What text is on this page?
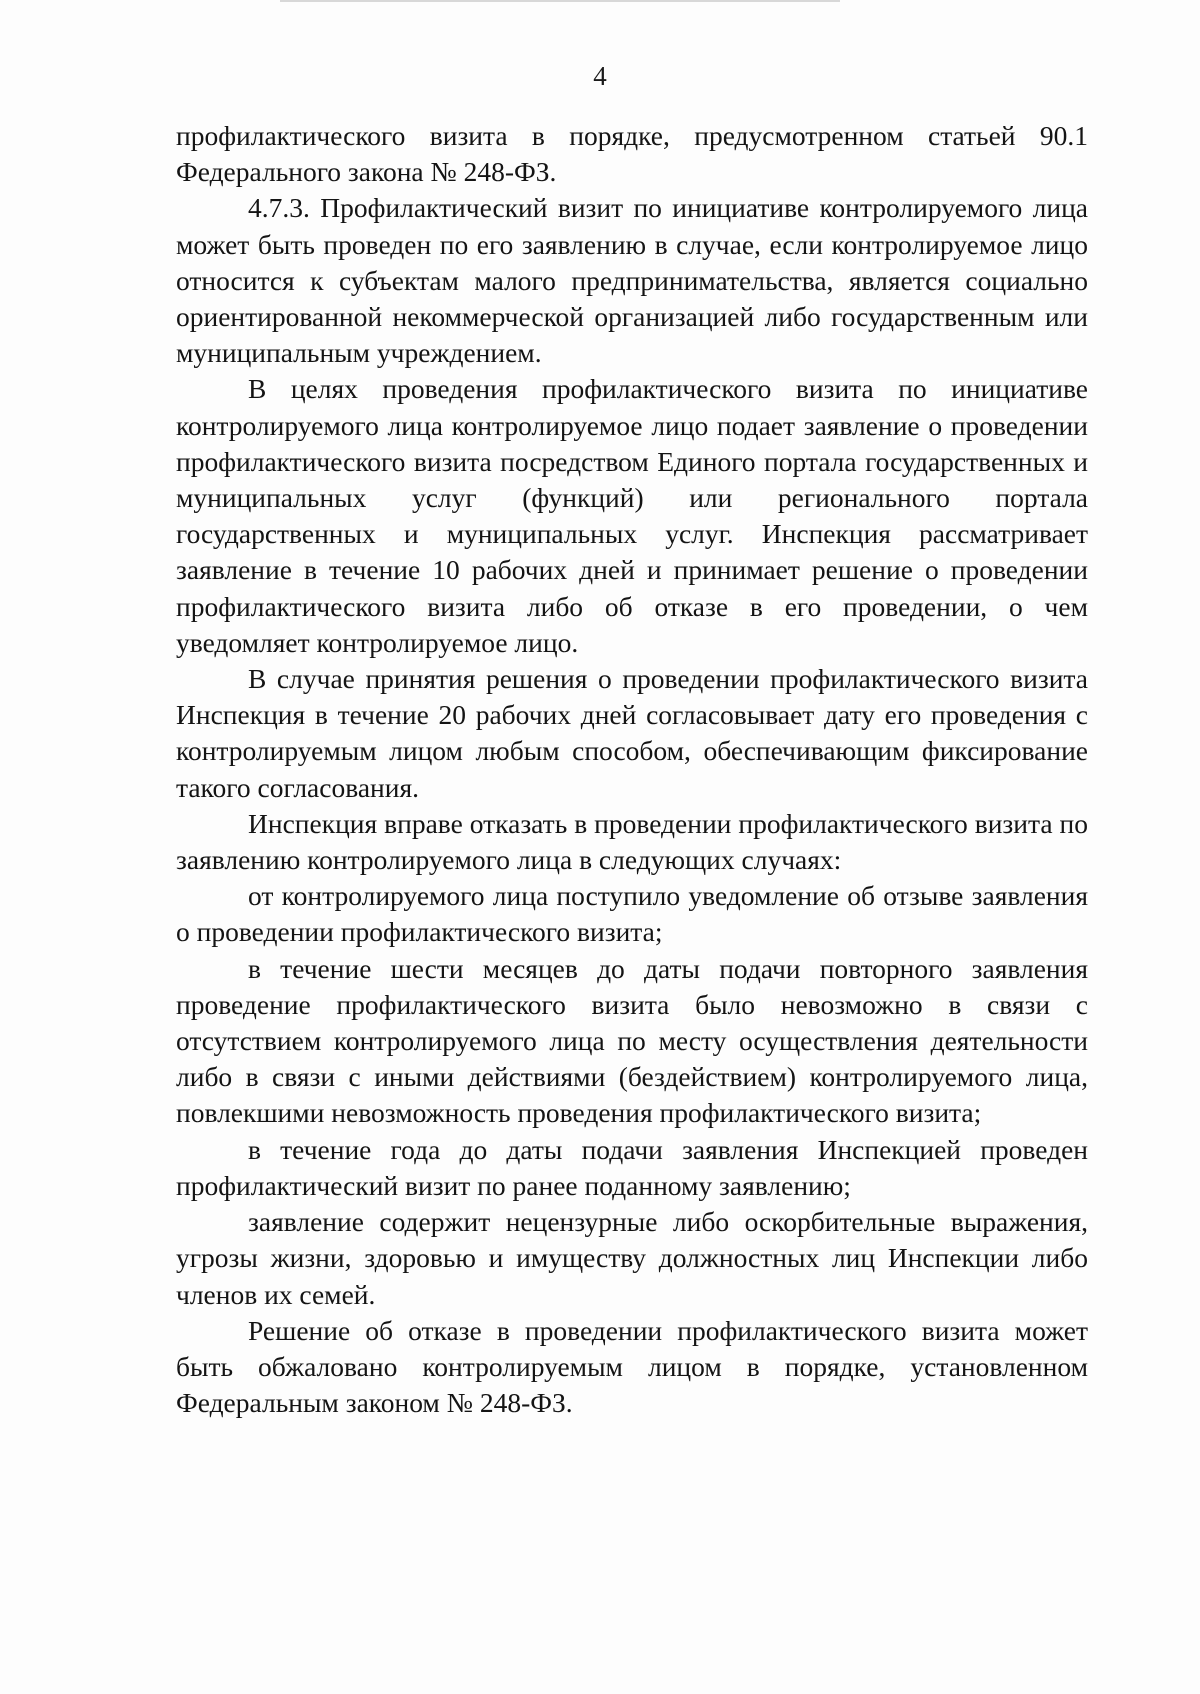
4

профилактического визита в порядке, предусмотренном статьей 90.1 Федерального закона № 248-ФЗ.

4.7.3. Профилактический визит по инициативе контролируемого лица может быть проведен по его заявлению в случае, если контролируемое лицо относится к субъектам малого предпринимательства, является социально ориентированной некоммерческой организацией либо государственным или муниципальным учреждением.

В целях проведения профилактического визита по инициативе контролируемого лица контролируемое лицо подает заявление о проведении профилактического визита посредством Единого портала государственных и муниципальных услуг (функций) или регионального портала государственных и муниципальных услуг. Инспекция рассматривает заявление в течение 10 рабочих дней и принимает решение о проведении профилактического визита либо об отказе в его проведении, о чем уведомляет контролируемое лицо.

В случае принятия решения о проведении профилактического визита Инспекция в течение 20 рабочих дней согласовывает дату его проведения с контролируемым лицом любым способом, обеспечивающим фиксирование такого согласования.

Инспекция вправе отказать в проведении профилактического визита по заявлению контролируемого лица в следующих случаях:

от контролируемого лица поступило уведомление об отзыве заявления о проведении профилактического визита;

в течение шести месяцев до даты подачи повторного заявления проведение профилактического визита было невозможно в связи с отсутствием контролируемого лица по месту осуществления деятельности либо в связи с иными действиями (бездействием) контролируемого лица, повлекшими невозможность проведения профилактического визита;

в течение года до даты подачи заявления Инспекцией проведен профилактический визит по ранее поданному заявлению;

заявление содержит нецензурные либо оскорбительные выражения, угрозы жизни, здоровью и имуществу должностных лиц Инспекции либо членов их семей.

Решение об отказе в проведении профилактического визита может быть обжаловано контролируемым лицом в порядке, установленном Федеральным законом № 248-ФЗ.
